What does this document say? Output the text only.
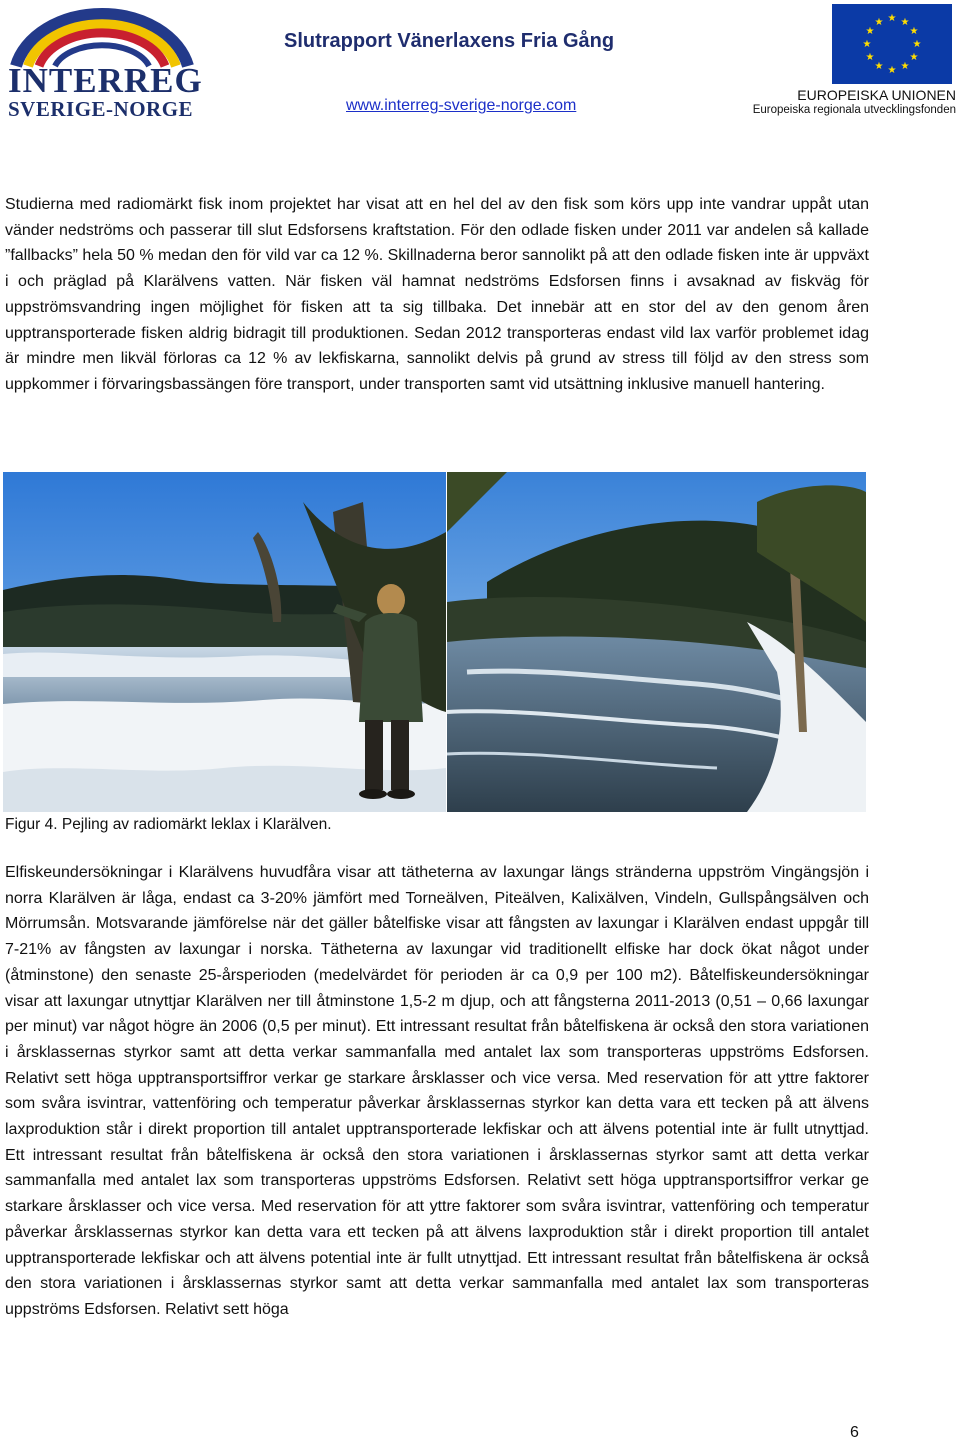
INTERREG
SVERIGE-NORGE
Slutrapport Vänerlaxens Fria Gång
www.interreg-sverige-norge.com
★ ★
★
★
★
★
★
★
★
★
★
★
EUROPEISKA UNIONEN
Europeiska regionala utvecklingsfonden

Studierna med radiomärkt fisk inom projektet har visat att en hel del av den fisk som körs upp inte vandrar uppåt utan vänder nedströms och passerar till slut Edsforsens kraftstation. För den odlade fisken under 2011 var andelen så kallade ”fallbacks” hela 50 % medan den för vild var ca 12 %. Skillnaderna beror sannolikt på att den odlade fisken inte är uppväxt i och präglad på Klarälvens vatten. När fisken väl hamnat nedströms Edsforsen finns i avsaknad av fiskväg för uppströmsvandring ingen möjlighet för fisken att ta sig tillbaka. Det innebär att en stor del av den genom åren upptransporterade fisken aldrig bidragit till produktionen. Sedan 2012 transporteras endast vild lax varför problemet idag är mindre men likväl förloras ca 12 % av lekfiskarna, sannolikt delvis på grund av stress till följd av den stress som uppkommer i förvaringsbassängen före transport, under transporten samt vid utsättning inklusive manuell hantering.

Figur 4. Pejling av radiomärkt leklax i Klarälven.

Elfiskeundersökningar i Klarälvens huvudfåra visar att tätheterna av laxungar längs stränderna uppström Vingängsjön i norra Klarälven är låga, endast ca 3-20% jämfört med Torneälven, Piteälven, Kalixälven, Vindeln, Gullspångsälven och Mörrumsån. Motsvarande jämförelse när det gäller båtelfiske visar att fångsten av laxungar i Klarälven endast uppgår till 7-21% av fångsten av laxungar i norska. Tätheterna av laxungar vid traditionellt elfiske har dock ökat något under (åtminstone) den senaste 25-årsperioden (medelvärdet för perioden är ca 0,9 per 100 m2). Båtelfiskeundersökningar visar att laxungar utnyttjar Klarälven ner till åtminstone 1,5-2 m djup, och att fångsterna 2011-2013 (0,51 – 0,66 laxungar per minut) var något högre än 2006 (0,5 per minut). Ett intressant resultat från båtelfiskena är också den stora variationen i årsklassernas styrkor samt att detta verkar sammanfalla med antalet lax som transporteras uppströms Edsforsen. Relativt sett höga upptransportsiffror verkar ge starkare årsklasser och vice versa. Med reservation för att yttre faktorer som svåra isvintrar, vattenföring och temperatur påverkar årsklassernas styrkor kan detta vara ett tecken på att älvens laxproduktion står i direkt proportion till antalet upptransporterade lekfiskar och att älvens potential inte är fullt utnyttjad. Ett intressant resultat från båtelfiskena är också den stora variationen i årsklassernas styrkor samt att detta verkar sammanfalla med antalet lax som transporteras uppströms Edsforsen. Relativt sett höga upptransportsiffror verkar ge starkare årsklasser och vice versa. Med reservation för att yttre faktorer som svåra isvintrar, vattenföring och temperatur påverkar årsklassernas styrkor kan detta vara ett tecken på att älvens laxproduktion står i direkt proportion till antalet upptransporterade lekfiskar och att älvens potential inte är fullt utnyttjad. Ett intressant resultat från båtelfiskena är också den stora variationen i årsklassernas styrkor samt att detta verkar sammanfalla med antalet lax som transporteras uppströms Edsforsen. Relativt sett höga

6
